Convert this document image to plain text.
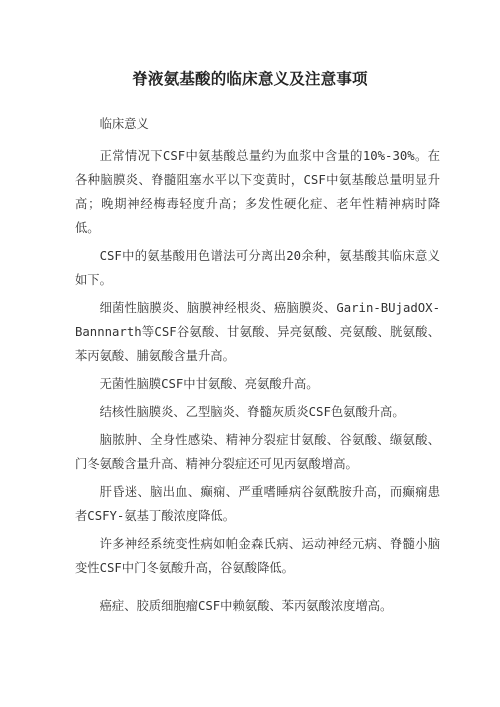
脊液氨基酸的临床意义及注意事项

临床意义

正常情况下CSF中氨基酸总量约为血浆中含量的10%-30%。在各种脑膜炎、脊髓阻塞水平以下变黄时，CSF中氨基酸总量明显升高；晚期神经梅毒轻度升高；多发性硬化症、老年性精神病时降低。

CSF中的氨基酸用色谱法可分离出20余种，氨基酸其临床意义如下。

细菌性脑膜炎、脑膜神经根炎、癌脑膜炎、Garin-BUjadOX-Bannnarth等CSF谷氨酸、甘氨酸、异亮氨酸、亮氨酸、胱氨酸、苯丙氨酸、脯氨酸含量升高。

无菌性脑膜CSF中甘氨酸、亮氨酸升高。

结核性脑膜炎、乙型脑炎、脊髓灰质炎CSF色氨酸升高。

脑脓肿、全身性感染、精神分裂症甘氨酸、谷氨酸、缬氨酸、门冬氨酸含量升高、精神分裂症还可见丙氨酸增高。

肝昏迷、脑出血、癫痫、严重嗜睡病谷氨酰胺升高，而癫痫患者CSFY-氨基丁酸浓度降低。

许多神经系统变性病如帕金森氏病、运动神经元病、脊髓小脑变性CSF中门冬氨酸升高，谷氨酸降低。

癌症、胶质细胞瘤CSF中赖氨酸、苯丙氨酸浓度增高。
